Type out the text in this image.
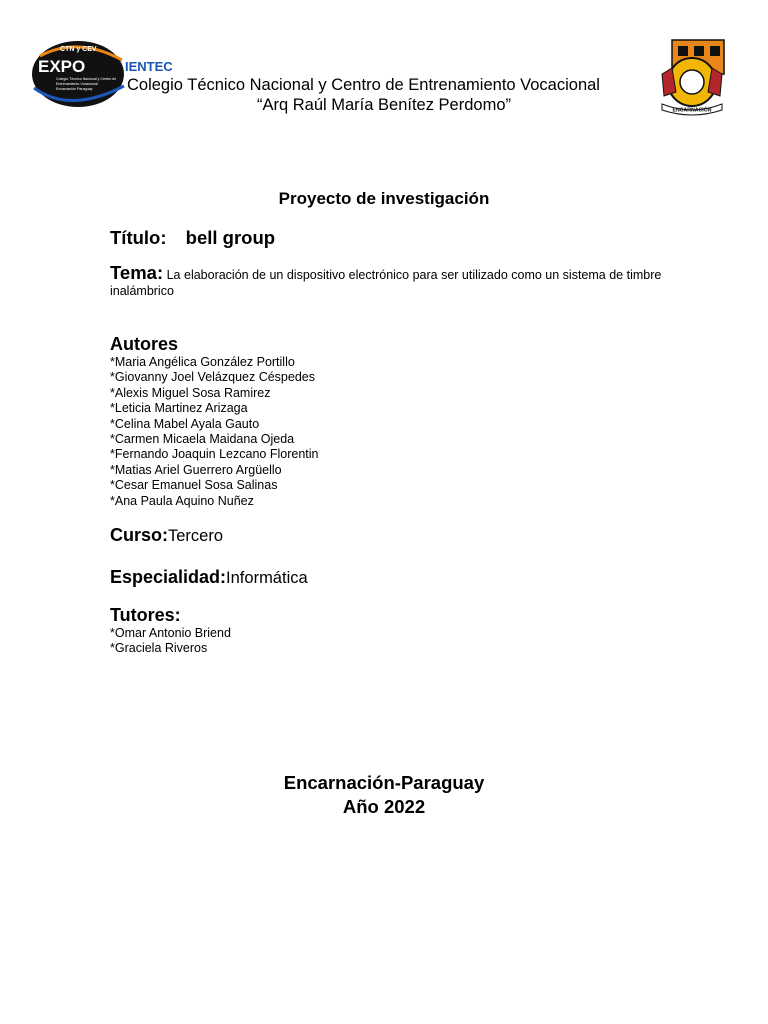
CTN y CEV
EXPO	IENTEC
Colegio Técnico Nacional y Centro de
Entrenamiento Vocacional
Encarnación Paraguay Colegio Técnico Nacional y Centro de Entrenamiento Vocacional
“Arq Raúl María Benítez Perdomo”	ENCARNACIÓN
Proyecto de investigación
Título: bell group
Tema: La elaboración de un dispositivo electrónico para ser utilizado como un sistema de timbre inalámbrico
Autores
*Maria Angélica González Portillo
*Giovanny Joel Velázquez Céspedes
*Alexis Miguel Sosa Ramirez
*Leticia Martinez Arizaga
*Celina Mabel Ayala Gauto
*Carmen Micaela Maidana Ojeda
*Fernando Joaquin Lezcano Florentin
*Matias Ariel Guerrero Argüello
*Cesar Emanuel Sosa Salinas
*Ana Paula Aquino Nuñez
Curso:Tercero
Especialidad:Informática
Tutores:
*Omar Antonio Briend
*Graciela Riveros
Encarnación-Paraguay
Año 2022
